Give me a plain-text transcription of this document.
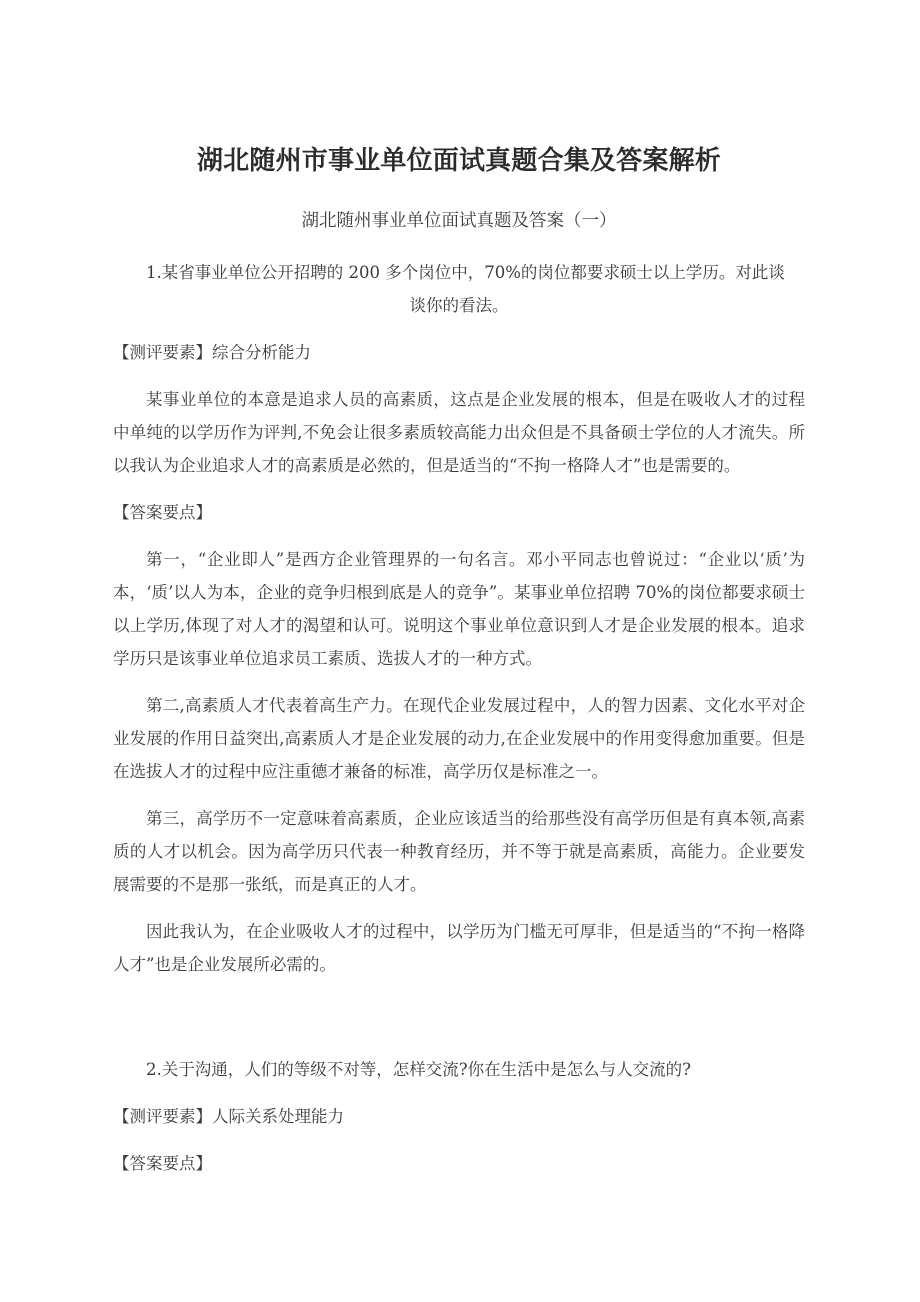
湖北随州市事业单位面试真题合集及答案解析

湖北随州事业单位面试真题及答案（一）

1.某省事业单位公开招聘的 200 多个岗位中，70%的岗位都要求硕士以上学历。对此谈

谈你的看法。

【测评要素】综合分析能力

某事业单位的本意是追求人员的高素质，这点是企业发展的根本，但是在吸收人才的过程中单纯的以学历作为评判,不免会让很多素质较高能力出众但是不具备硕士学位的人才流失。所以我认为企业追求人才的高素质是必然的，但是适当的“不拘一格降人才”也是需要的。

【答案要点】

第一，“企业即人”是西方企业管理界的一句名言。邓小平同志也曾说过：“企业以‘质’为本，‘质’以人为本，企业的竞争归根到底是人的竞争”。某事业单位招聘 70%的岗位都要求硕士以上学历,体现了对人才的渴望和认可。说明这个事业单位意识到人才是企业发展的根本。追求学历只是该事业单位追求员工素质、选拔人才的一种方式。

第二,高素质人才代表着高生产力。在现代企业发展过程中，人的智力因素、文化水平对企业发展的作用日益突出,高素质人才是企业发展的动力,在企业发展中的作用变得愈加重要。但是在选拔人才的过程中应注重德才兼备的标准，高学历仅是标准之一。

第三，高学历不一定意味着高素质，企业应该适当的给那些没有高学历但是有真本领,高素质的人才以机会。因为高学历只代表一种教育经历，并不等于就是高素质，高能力。企业要发展需要的不是那一张纸，而是真正的人才。

因此我认为，在企业吸收人才的过程中，以学历为门槛无可厚非，但是适当的“不拘一格降人才”也是企业发展所必需的。

2.关于沟通，人们的等级不对等，怎样交流?你在生活中是怎么与人交流的?

【测评要素】人际关系处理能力

【答案要点】
